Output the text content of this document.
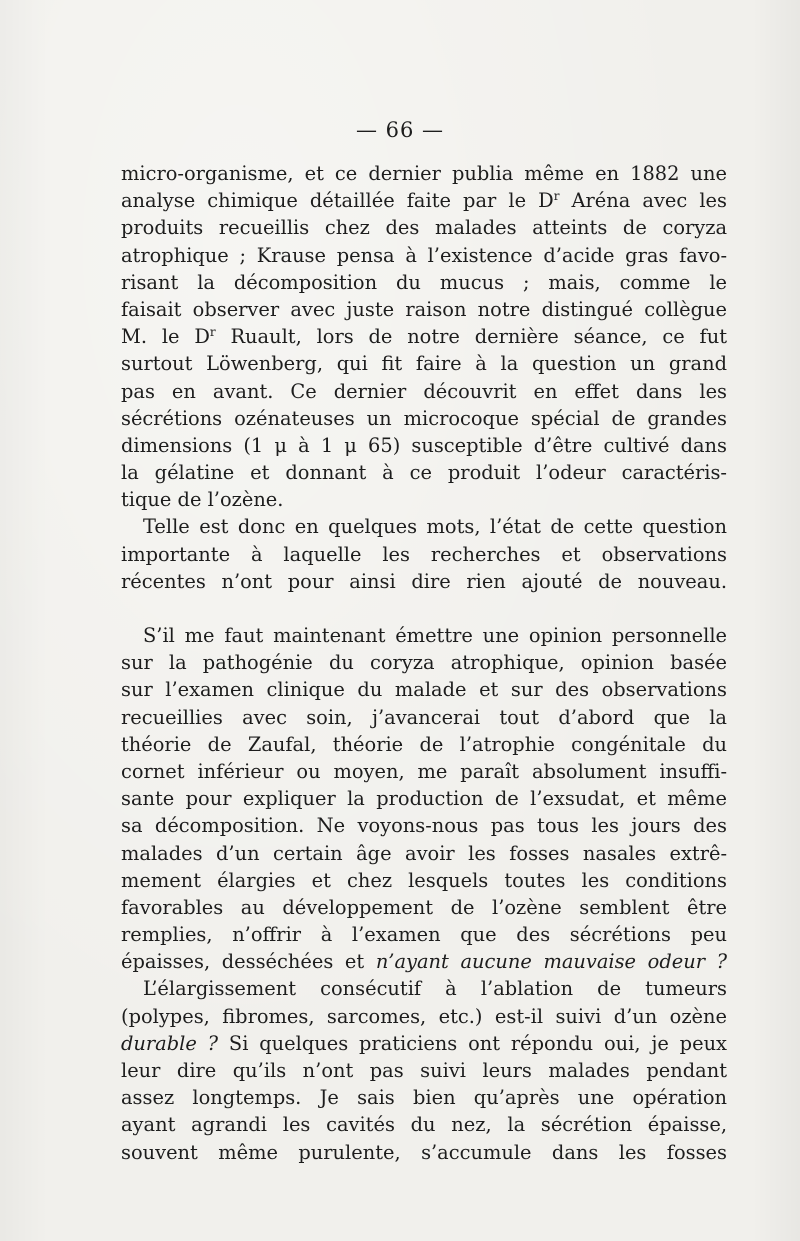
— 66 —
micro-organisme, et ce dernier publia même en 1882 une
analyse chimique détaillée faite par le $D^r$ Aréna avec les
produits recueillis chez des malades atteints de coryza
atrophique ; Krause pensa à l’existence d’acide gras favo-
risant la décomposition du mucus ; mais, comme le
faisait observer avec juste raison notre distingué collègue
M. le $D^r$ Ruault, lors de notre dernière séance, ce fut
surtout Löwenberg, qui fit faire à la question un grand
pas en avant. Ce dernier découvrit en effet dans les
sécrétions ozénateuses un microcoque spécial de grandes
dimensions (1 μ à 1 μ 65) susceptible d’être cultivé dans
la gélatine et donnant à ce produit l’odeur caractéris-
tique de l’ozène.
Telle est donc en quelques mots, l’état de cette question
importante à laquelle les recherches et observations
récentes n’ont pour ainsi dire rien ajouté de nouveau.
S’il me faut maintenant émettre une opinion personnelle
sur la pathogénie du coryza atrophique, opinion basée
sur l’examen clinique du malade et sur des observations
recueillies avec soin, j’avancerai tout d’abord que la
théorie de Zaufal, théorie de l’atrophie congénitale du
cornet inférieur ou moyen, me paraît absolument insuffi-
sante pour expliquer la production de l’exsudat, et même
sa décomposition. Ne voyons-nous pas tous les jours des
malades d’un certain âge avoir les fosses nasales extrê-
mement élargies et chez lesquels toutes les conditions
favorables au développement de l’ozène semblent être
remplies, n’offrir à l’examen que des sécrétions peu
épaisses, desséchées et n’ayant aucune mauvaise odeur ?
L’élargissement consécutif à l’ablation de tumeurs
(polypes, fibromes, sarcomes, etc.) est-il suivi d’un ozène
durable ? Si quelques praticiens ont répondu oui, je peux
leur dire qu’ils n’ont pas suivi leurs malades pendant
assez longtemps. Je sais bien qu’après une opération
ayant agrandi les cavités du nez, la sécrétion épaisse,
souvent même purulente, s’accumule dans les fosses
